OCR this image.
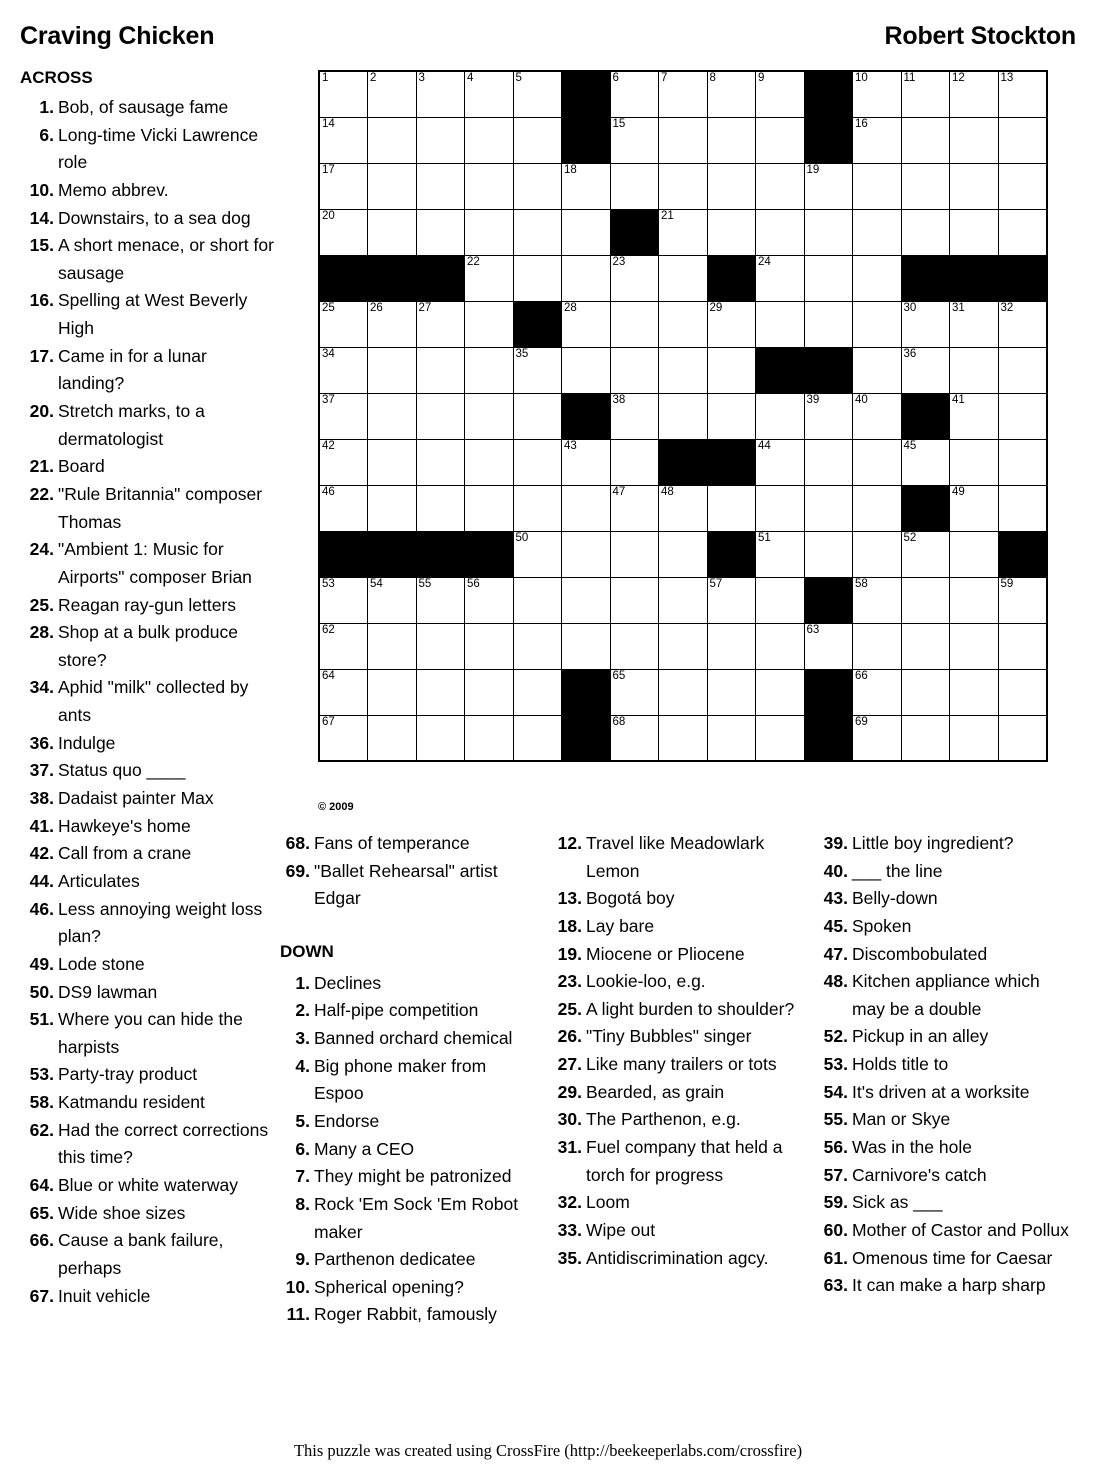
Craving Chicken	Robert Stockton
ACROSS
1. Bob, of sausage fame
6. Long-time Vicki Lawrence role
10. Memo abbrev.
14. Downstairs, to a sea dog
15. A short menace, or short for sausage
16. Spelling at West Beverly High
17. Came in for a lunar landing?
20. Stretch marks, to a dermatologist
21. Board
22. "Rule Britannia" composer Thomas
24. "Ambient 1: Music for Airports" composer Brian
25. Reagan ray-gun letters
28. Shop at a bulk produce store?
34. Aphid "milk" collected by ants
36. Indulge
37. Status quo ____
38. Dadaist painter Max
41. Hawkeye's home
42. Call from a crane
44. Articulates
46. Less annoying weight loss plan?
49. Lode stone
50. DS9 lawman
51. Where you can hide the harpists
53. Party-tray product
58. Katmandu resident
62. Had the correct corrections this time?
64. Blue or white waterway
65. Wide shoe sizes
66. Cause a bank failure, perhaps
67. Inuit vehicle
68. Fans of temperance
69. "Ballet Rehearsal" artist Edgar
DOWN
1. Declines
2. Half-pipe competition
3. Banned orchard chemical
4. Big phone maker from Espoo
5. Endorse
6. Many a CEO
7. They might be patronized
8. Rock 'Em Sock 'Em Robot maker
9. Parthenon dedicatee
10. Spherical opening?
11. Roger Rabbit, famously
12. Travel like Meadowlark Lemon
13. Bogotá boy
18. Lay bare
19. Miocene or Pliocene
23. Lookie-loo, e.g.
25. A light burden to shoulder?
26. "Tiny Bubbles" singer
27. Like many trailers or tots
29. Bearded, as grain
30. The Parthenon, e.g.
31. Fuel company that held a torch for progress
32. Loom
33. Wipe out
35. Antidiscrimination agcy.
39. Little boy ingredient?
40. ___ the line
43. Belly-down
45. Spoken
47. Discombobulated
48. Kitchen appliance which may be a double
52. Pickup in an alley
53. Holds title to
54. It's driven at a worksite
55. Man or Skye
56. Was in the hole
57. Carnivore's catch
59. Sick as ___
60. Mother of Castor and Pollux
61. Omenous time for Caesar
63. It can make a harp sharp
1	2	3	4	5		6	7	8	9		10	11	12	13

14						15					16			

17					18					19				

20							21							

			22			23			24					

25	26	27			28			29				30	31	32

34				35								36		

37						38				39	40		41	

42					43				44			45		

46						47	48						49	

				50					51			52		

53	54	55	56					57			58			59

62										63				

64						65					66			

67						68					69			

© 2009
This puzzle was created using CrossFire (http://beekeeperlabs.com/crossfire)
